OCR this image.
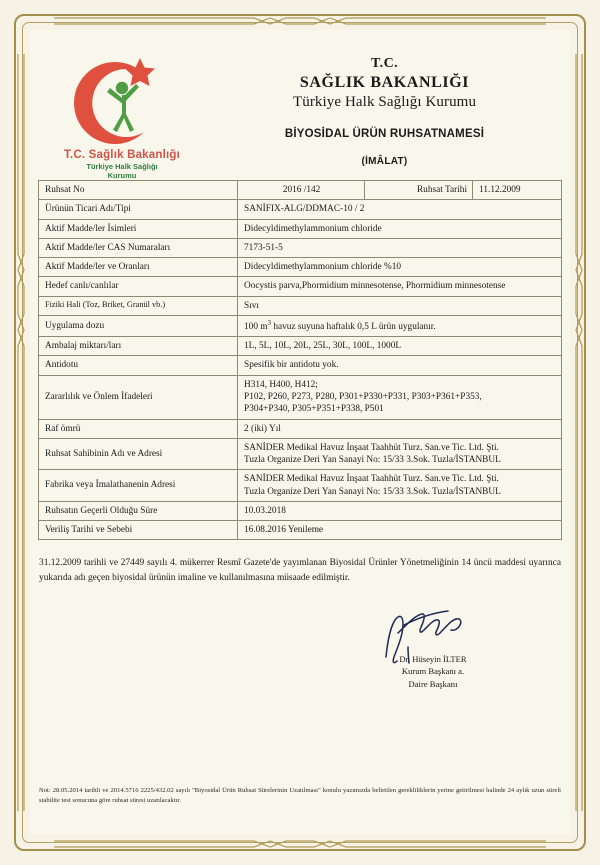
T.C. Sağlık Bakanlığı
Türkiye Halk Sağlığı
Kurumu
T.C.
SAĞLIK BAKANLIĞI
Türkiye Halk Sağlığı Kurumu
BİYOSİDAL ÜRÜN RUHSATNAMESİ
(İMÂLAT)
Ruhsat No	2016 /142	Ruhsat Tarihi	11.12.2009
Ürünün Ticari Adı/Tipi	SANİFIX-ALG/DDMAC-10 / 2		
Aktif Madde/ler İsimleri	Didecyldimethylammonium chloride		
Aktif Madde/ler CAS Numaraları	7173-51-5		
Aktif Madde/ler ve Oranları	Didecyldimethylammonium chloride %10		
Hedef canlı/canlılar	Oocystis parva,Phormidium minnesotense, Phormidium minnesotense		
Fiziki Hali (Toz, Briket, Granül vb.)	Sıvı		
Uygulama dozu	100 $m^3$ havuz suyuna haftalık 0,5 L ürün uygulanır.		
Ambalaj miktarı/ları	1L, 5L, 10L, 20L, 25L, 30L, 100L, 1000L		
Antidotu	Spesifik bir antidotu yok.		
Zararlılık ve Önlem İfadeleri	H314, H400, H412;
P102, P260, P273, P280, P301+P330+P331, P303+P361+P353,
P304+P340, P305+P351+P338, P501		
Raf ömrü	2 (iki) Yıl		
Ruhsat Sahibinin Adı ve Adresi	SANİDER Medikal Havuz İnşaat Taahhüt Turz. San.ve Tic. Ltd. Şti.
Tuzla Organize Deri Yan Sanayi No: 15/33 3.Sok. Tuzla/İSTANBUL		
Fabrika veya İmalathanenin Adresi	SANİDER Medikal Havuz İnşaat Taahhüt Turz. San.ve Tic. Ltd. Şti.
Tuzla Organize Deri Yan Sanayi No: 15/33 3.Sok. Tuzla/İSTANBUL		
Ruhsatın Geçerli Olduğu Süre	10.03.2018		
Veriliş Tarihi ve Sebebi	16.08.2016 Yenileme		

31.12.2009 tarihli ve 27449 sayılı 4. mükerrer Resmî Gazete'de yayımlanan Biyosidal Ürünler Yönetmeliğinin 14 üncü maddesi uyarınca yukarıda adı geçen biyosidal ürünün imaline ve kullanılmasına müsaade edilmiştir.

Dr. Hüseyin İLTER
Kurum Başkanı a.
Daire Başkanı
Not: 28.05.2014 tarihli ve 2014.5716 2225/432.02 sayılı "Biyosidal Ürün Ruhsat Sürelerinin Uzatılması" konulu yazımızda belirtilen gerekliliklerin yerine getirilmesi halinde 24 aylık uzun süreli stabilite test sonucuna göre ruhsat süresi uzatılacaktır.
